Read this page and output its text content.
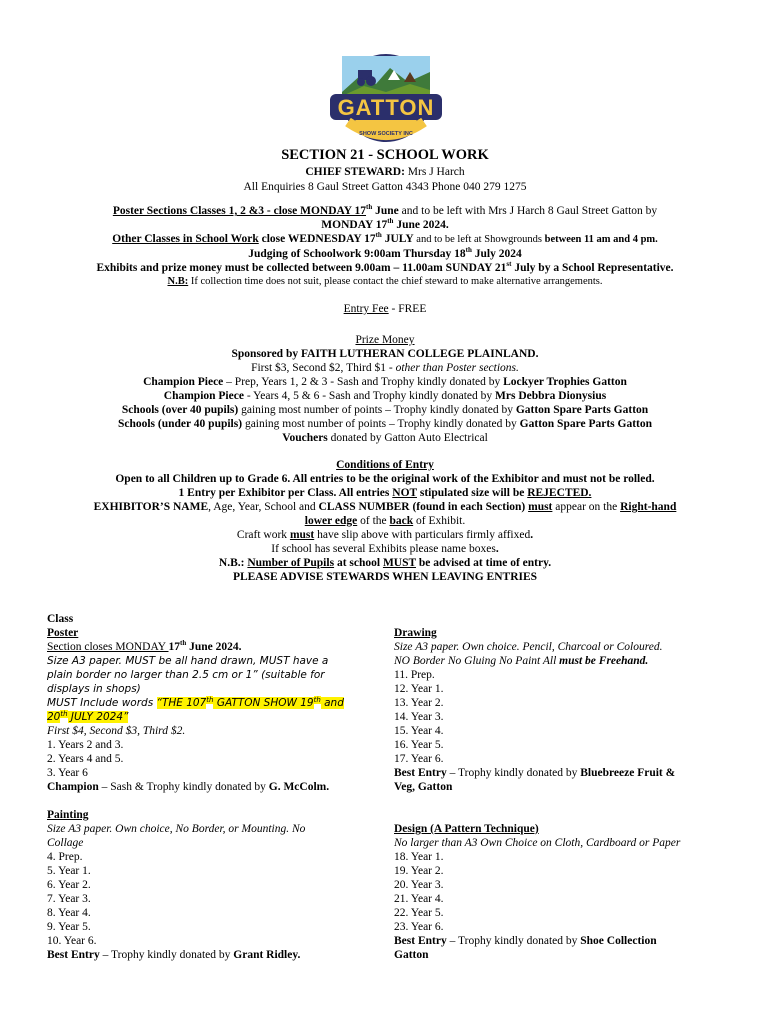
GATTON
SHOW SOCIETY INC
SECTION 21 - SCHOOL WORK
CHIEF STEWARD: Mrs J Harch
All Enquiries 8 Gaul Street Gatton 4343 Phone 040 279 1275
Poster Sections Classes 1, 2 &3 - close MONDAY 17th June and to be left with Mrs J Harch 8 Gaul Street Gatton by
MONDAY 17th June 2024.
Other Classes in School Work close WEDNESDAY 17th JULY and to be left at Showgrounds between 11 am and 4 pm.
Judging of Schoolwork 9:00am Thursday 18th July 2024
Exhibits and prize money must be collected between 9.00am – 11.00am SUNDAY 21st July by a School Representative.
N.B: If collection time does not suit, please contact the chief steward to make alternative arrangements.
Entry Fee - FREE
Prize Money
Sponsored by FAITH LUTHERAN COLLEGE PLAINLAND.
First $3, Second $2, Third $1 - other than Poster sections.
Champion Piece – Prep, Years 1, 2 & 3 - Sash and Trophy kindly donated by Lockyer Trophies Gatton
Champion Piece - Years 4, 5 & 6 - Sash and Trophy kindly donated by Mrs Debbra Dionysius
Schools (over 40 pupils) gaining most number of points – Trophy kindly donated by Gatton Spare Parts Gatton
Schools (under 40 pupils) gaining most number of points – Trophy kindly donated by Gatton Spare Parts Gatton
Vouchers donated by Gatton Auto Electrical
Conditions of Entry
Open to all Children up to Grade 6. All entries to be the original work of the Exhibitor and must not be rolled.
1 Entry per Exhibitor per Class. All entries NOT stipulated size will be REJECTED.
EXHIBITOR’S NAME, Age, Year, School and CLASS NUMBER (found in each Section) must appear on the Right-hand
lower edge of the back of Exhibit.
Craft work must have slip above with particulars firmly affixed.
If school has several Exhibits please name boxes.
N.B.: Number of Pupils at school MUST be advised at time of entry.
PLEASE ADVISE STEWARDS WHEN LEAVING ENTRIES
Class
Poster
Section closes MONDAY 17th June 2024.
Size A3 paper. MUST be all hand drawn, MUST have a
plain border no larger than 2.5 cm or 1” (suitable for
displays in shops)
MUST Include words “THE 107th GATTON SHOW 19th and
20th JULY 2024”
First $4, Second $3, Third $2.
1. Years 2 and 3.
2. Years 4 and 5.
3. Year 6
Champion – Sash & Trophy kindly donated by G. McColm.
Painting
Size A3 paper. Own choice, No Border, or Mounting. No
Collage
4. Prep.
5. Year 1.
6. Year 2.
7. Year 3.
8. Year 4.
9. Year 5.
10. Year 6.
Best Entry – Trophy kindly donated by Grant Ridley.
Drawing
Size A3 paper. Own choice. Pencil, Charcoal or Coloured.
NO Border No Gluing No Paint All must be Freehand.
11. Prep.
12. Year 1.
13. Year 2.
14. Year 3.
15. Year 4.
16. Year 5.
17. Year 6.
Best Entry – Trophy kindly donated by Bluebreeze Fruit &
Veg, Gatton
Design (A Pattern Technique)
No larger than A3 Own Choice on Cloth, Cardboard or Paper
18. Year 1.
19. Year 2.
20. Year 3.
21. Year 4.
22. Year 5.
23. Year 6.
Best Entry – Trophy kindly donated by Shoe Collection
Gatton
